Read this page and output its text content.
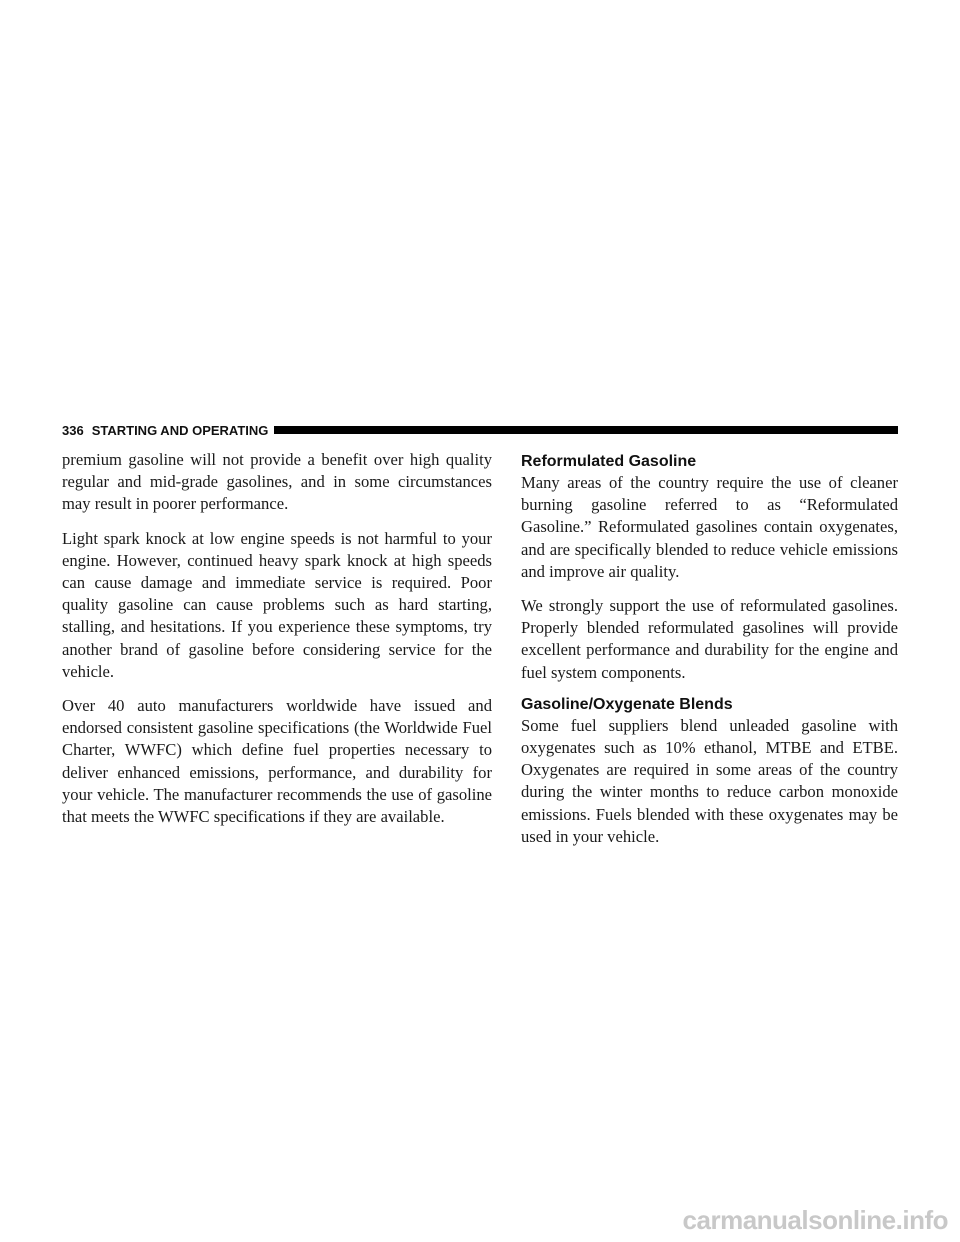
336 STARTING AND OPERATING

premium gasoline will not provide a benefit over high quality regular and mid-grade gasolines, and in some circumstances may result in poorer performance.

Light spark knock at low engine speeds is not harmful to your engine. However, continued heavy spark knock at high speeds can cause damage and immediate service is required. Poor quality gasoline can cause problems such as hard starting, stalling, and hesitations. If you experience these symptoms, try another brand of gasoline before considering service for the vehicle.

Over 40 auto manufacturers worldwide have issued and endorsed consistent gasoline specifications (the Worldwide Fuel Charter, WWFC) which define fuel properties necessary to deliver enhanced emissions, performance, and durability for your vehicle. The manufacturer recommends the use of gasoline that meets the WWFC specifications if they are available.

Reformulated Gasoline

Many areas of the country require the use of cleaner burning gasoline referred to as “Reformulated Gasoline.” Reformulated gasolines contain oxygenates, and are specifically blended to reduce vehicle emissions and improve air quality.

We strongly support the use of reformulated gasolines. Properly blended reformulated gasolines will provide excellent performance and durability for the engine and fuel system components.

Gasoline/Oxygenate Blends

Some fuel suppliers blend unleaded gasoline with oxygenates such as 10% ethanol, MTBE and ETBE. Oxygenates are required in some areas of the country during the winter months to reduce carbon monoxide emissions. Fuels blended with these oxygenates may be used in your vehicle.

carmanualsonline.info
